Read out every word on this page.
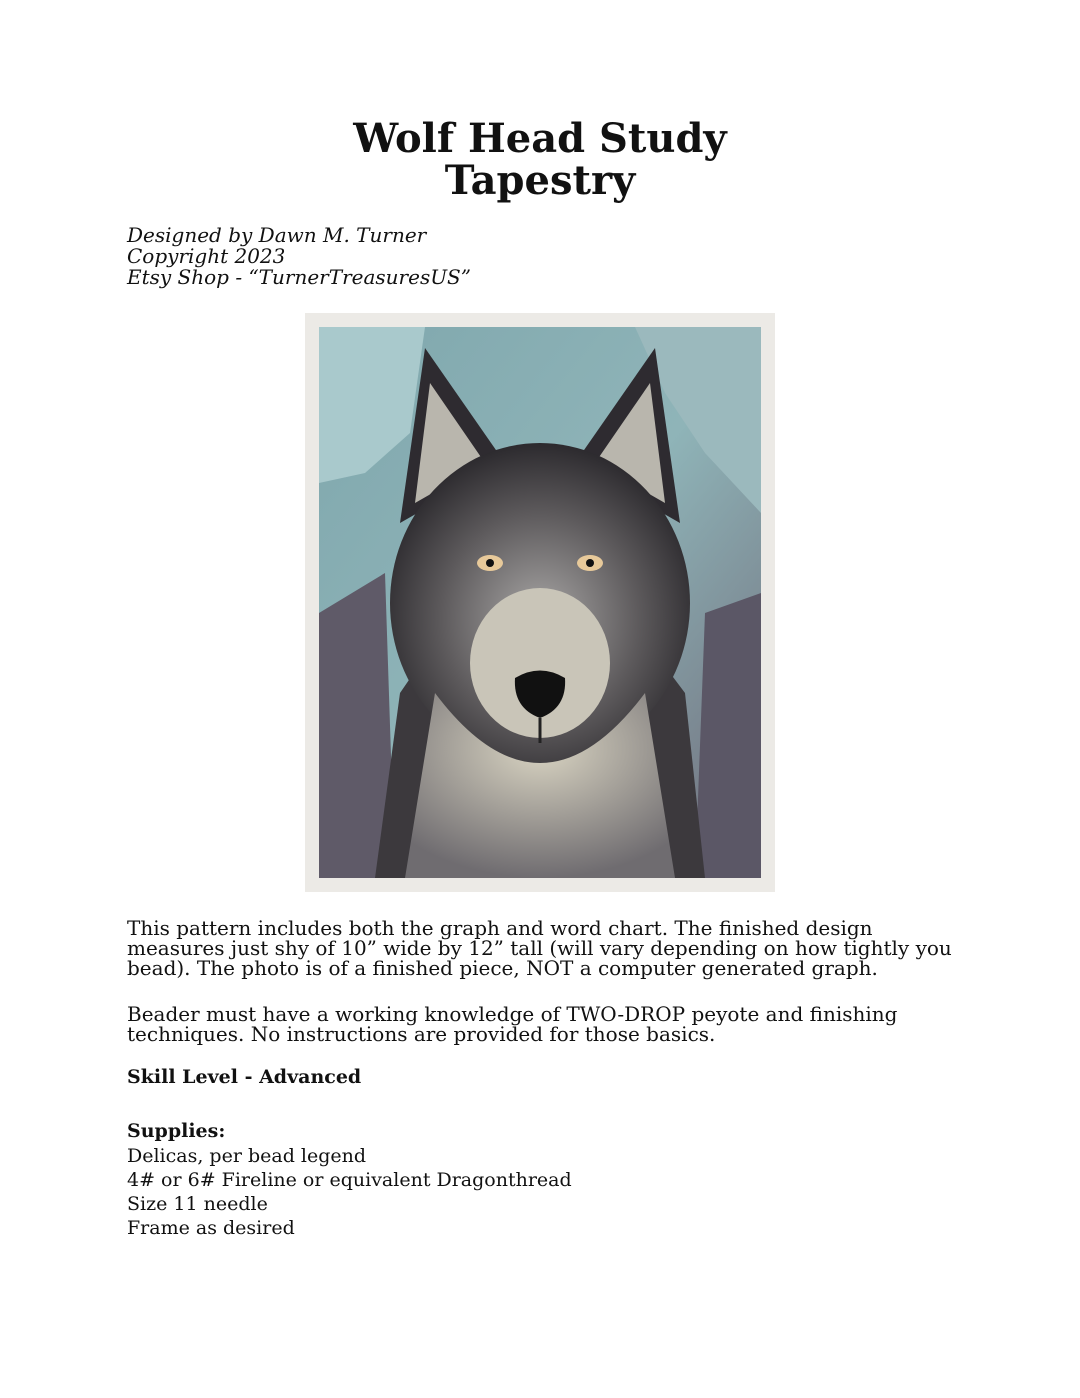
Wolf Head Study
Tapestry
Designed by Dawn M. Turner
Copyright 2023
Etsy Shop - “TurnerTreasuresUS”
This pattern includes both the graph and word chart. The finished design measures just shy of 10” wide by 12” tall (will vary depending on how tightly you bead). The photo is of a finished piece, NOT a computer generated graph.
Beader must have a working knowledge of TWO-DROP peyote and finishing techniques. No instructions are provided for those basics.
Skill Level - Advanced
Supplies:
Delicas, per bead legend
4# or 6# Fireline or equivalent Dragonthread
Size 11 needle
Frame as desired
